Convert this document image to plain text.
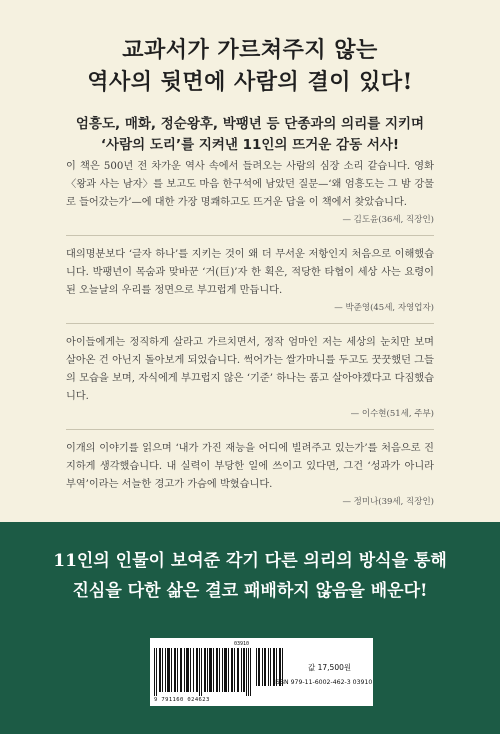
교과서가 가르쳐주지 않는
역사의 뒷면에 사람의 결이 있다!
엄흥도, 매화, 정순왕후, 박팽년 등 단종과의 의리를 지키며
‘사람의 도리’를 지켜낸 11인의 뜨거운 감동 서사!

이 책은 500년 전 차가운 역사 속에서 들려오는 사람의 심장 소리 같습니다. 영화 〈왕과 사는 남자〉를 보고도 마음 한구석에 남았던 질문—‘왜 엄흥도는 그 밤 강물로 들어갔는가’—에 대한 가장 명쾌하고도 뜨거운 답을 이 책에서 찾았습니다.

— 김도윤(36세, 직장인)

대의명분보다 ‘글자 하나’를 지키는 것이 왜 더 무서운 저항인지 처음으로 이해했습니다. 박팽년이 목숨과 맞바꾼 ‘거(巨)’자 한 획은, 적당한 타협이 세상 사는 요령이 된 오늘날의 우리를 정면으로 부끄럽게 만듭니다.

— 박준영(45세, 자영업자)

아이들에게는 정직하게 살라고 가르치면서, 정작 엄마인 저는 세상의 눈치만 보며 살아온 건 아닌지 돌아보게 되었습니다. 썩어가는 쌀가마니를 두고도 꿋꿋했던 그들의 모습을 보며, 자식에게 부끄럽지 않은 ‘기준’ 하나는 품고 살아야겠다고 다짐했습니다.

— 이수현(51세, 주부)

이개의 이야기를 읽으며 ‘내가 가진 재능을 어디에 빌려주고 있는가’를 처음으로 진지하게 생각했습니다. 내 실력이 부당한 일에 쓰이고 있다면, 그건 ‘성과가 아니라 부역’이라는 서늘한 경고가 가슴에 박혔습니다.

— 정미나(39세, 직장인)
11인의 인물이 보여준 각기 다른 의리의 방식을 통해
진심을 다한 삶은 결코 패배하지 않음을 배운다!
03910
9 791160 024623
값 17,500원
ISBN 979-11-6002-462-3 03910
